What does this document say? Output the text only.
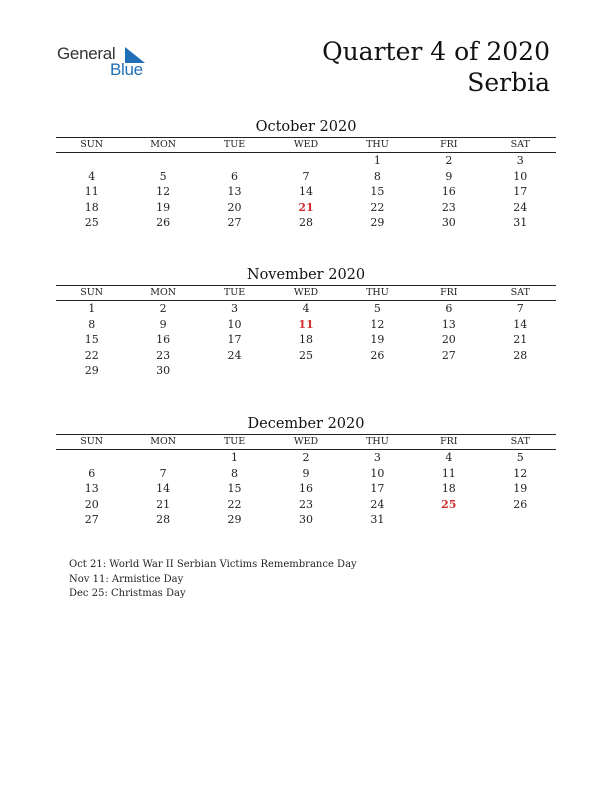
General
Blue
Quarter 4 of 2020
Serbia
October 2020
SUN	MON	TUE	WED	THU	FRI	SAT
				1	2	3
4	5	6	7	8	9	10
11	12	13	14	15	16	17
18	19	20	21	22	23	24
25	26	27	28	29	30	31
November 2020
SUN	MON	TUE	WED	THU	FRI	SAT
1	2	3	4	5	6	7
8	9	10	11	12	13	14
15	16	17	18	19	20	21
22	23	24	25	26	27	28
29	30					
December 2020
SUN	MON	TUE	WED	THU	FRI	SAT
		1	2	3	4	5
6	7	8	9	10	11	12
13	14	15	16	17	18	19
20	21	22	23	24	25	26
27	28	29	30	31		
Oct 21: World War II Serbian Victims Remembrance Day
Nov 11: Armistice Day
Dec 25: Christmas Day
